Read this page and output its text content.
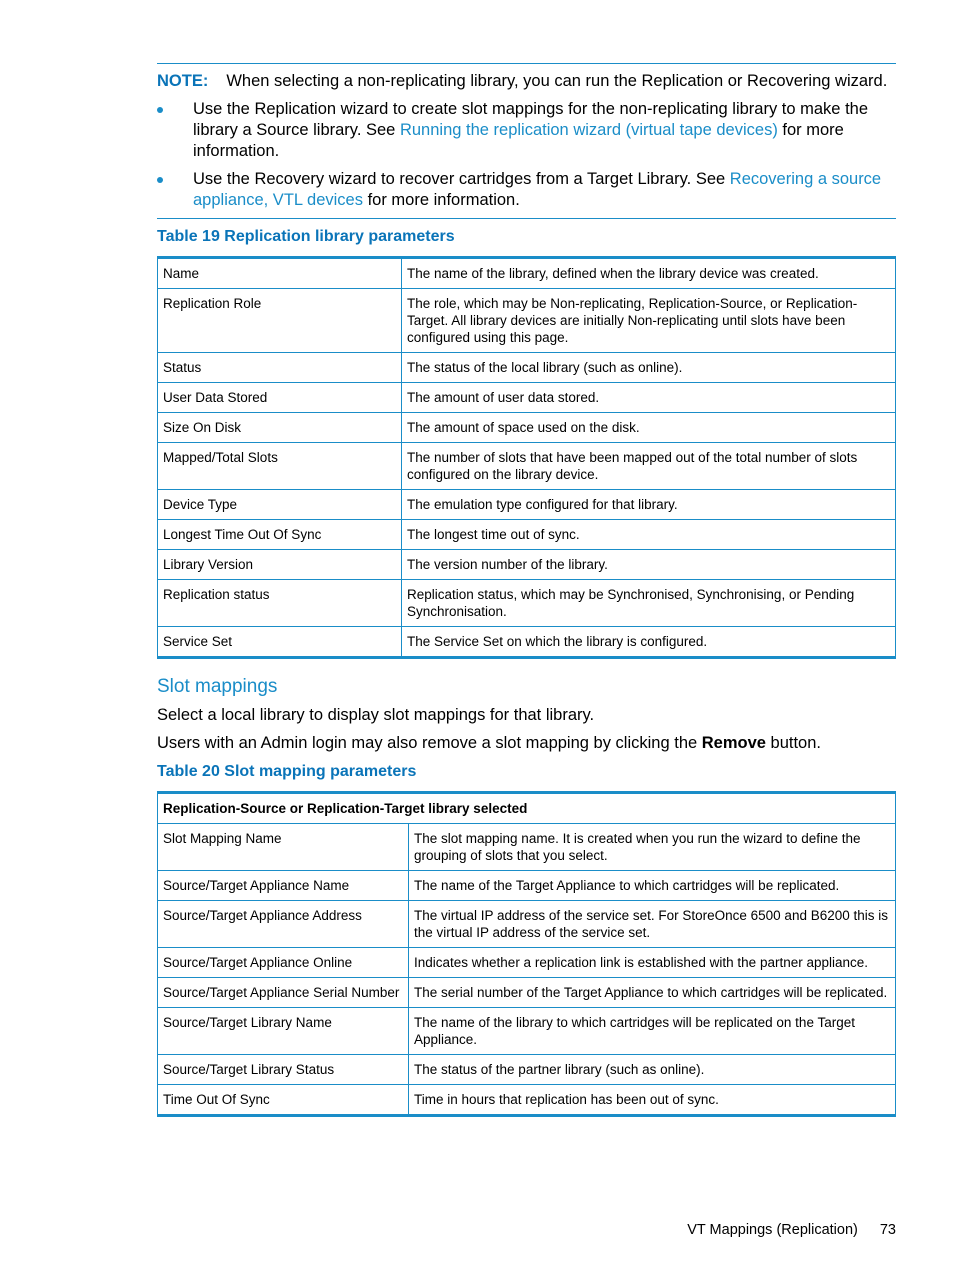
NOTE: When selecting a non-replicating library, you can run the Replication or Recovering wizard.

Use the Replication wizard to create slot mappings for the non-replicating library to make the library a Source library. See Running the replication wizard (virtual tape devices) for more information.
Use the Recovery wizard to recover cartridges from a Target Library. See Recovering a source appliance, VTL devices for more information.
Table 19 Replication library parameters
Name	The name of the library, defined when the library device was created.
Replication Role	The role, which may be Non-replicating, Replication-Source, or Replication-Target. All library devices are initially Non-replicating until slots have been configured using this page.
Status	The status of the local library (such as online).
User Data Stored	The amount of user data stored.
Size On Disk	The amount of space used on the disk.
Mapped/Total Slots	The number of slots that have been mapped out of the total number of slots configured on the library device.
Device Type	The emulation type configured for that library.
Longest Time Out Of Sync	The longest time out of sync.
Library Version	The version number of the library.
Replication status	Replication status, which may be Synchronised, Synchronising, or Pending Synchronisation.
Service Set	The Service Set on which the library is configured.
Slot mappings

Select a local library to display slot mappings for that library.

Users with an Admin login may also remove a slot mapping by clicking the Remove button.

Table 20 Slot mapping parameters
Replication-Source or Replication-Target library selected	
Slot Mapping Name	The slot mapping name. It is created when you run the wizard to define the grouping of slots that you select.
Source/Target Appliance Name	The name of the Target Appliance to which cartridges will be replicated.
Source/Target Appliance Address	The virtual IP address of the service set. For StoreOnce 6500 and B6200 this is the virtual IP address of the service set.
Source/Target Appliance Online	Indicates whether a replication link is established with the partner appliance.
Source/Target Appliance Serial Number	The serial number of the Target Appliance to which cartridges will be replicated.
Source/Target Library Name	The name of the library to which cartridges will be replicated on the Target Appliance.
Source/Target Library Status	The status of the partner library (such as online).
Time Out Of Sync	Time in hours that replication has been out of sync.
VT Mappings (Replication) 73
